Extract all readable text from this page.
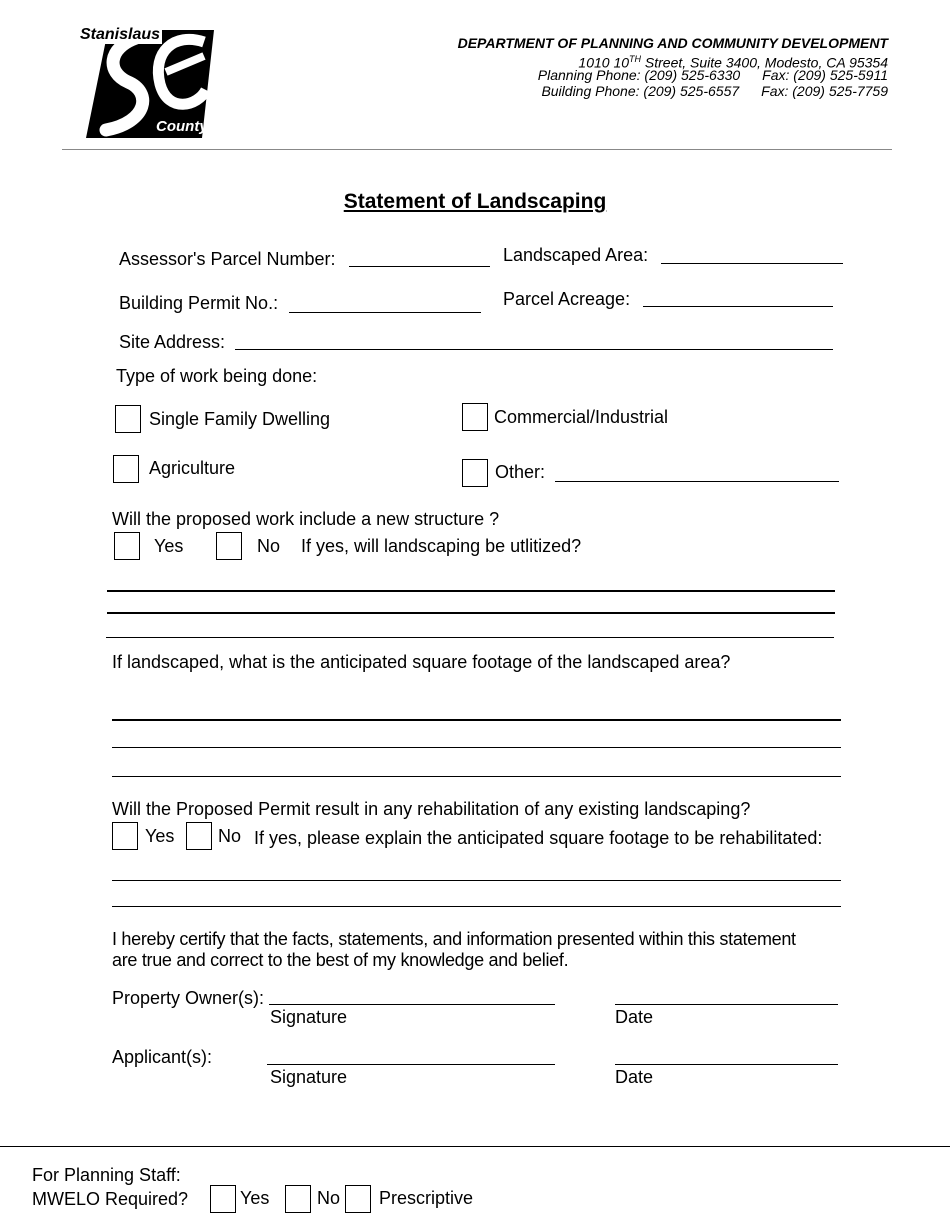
Stanislaus
County
DEPARTMENT OF PLANNING AND COMMUNITY DEVELOPMENT
1010 10TH Street, Suite 3400, Modesto, CA 95354
Planning Phone: (209) 525-6330 Fax: (209) 525-5911
Building Phone: (209) 525-6557 Fax: (209) 525-7759
Statement of Landscaping
Assessor's Parcel Number:	Landscaped Area:
Building Permit No.:	Parcel Acreage:
Site Address:
Type of work being done:
Single Family Dwelling	Commercial/Industrial
Agriculture	Other:
Will the proposed work include a new structure ?
Yes	No If yes, will landscaping be utlitized?
If landscaped, what is the anticipated square footage of the landscaped area?
Will the Proposed Permit result in any rehabilitation of any existing landscaping?
Yes No If yes, please explain the anticipated square footage to be rehabilitated:
I hereby certify that the facts, statements, and information presented within this statement
are true and correct to the best of my knowledge and belief.
Property Owner(s):
Signature	Date
Applicant(s):
Signature	Date
For Planning Staff:
MWELO Required?	Yes	No Prescriptive
